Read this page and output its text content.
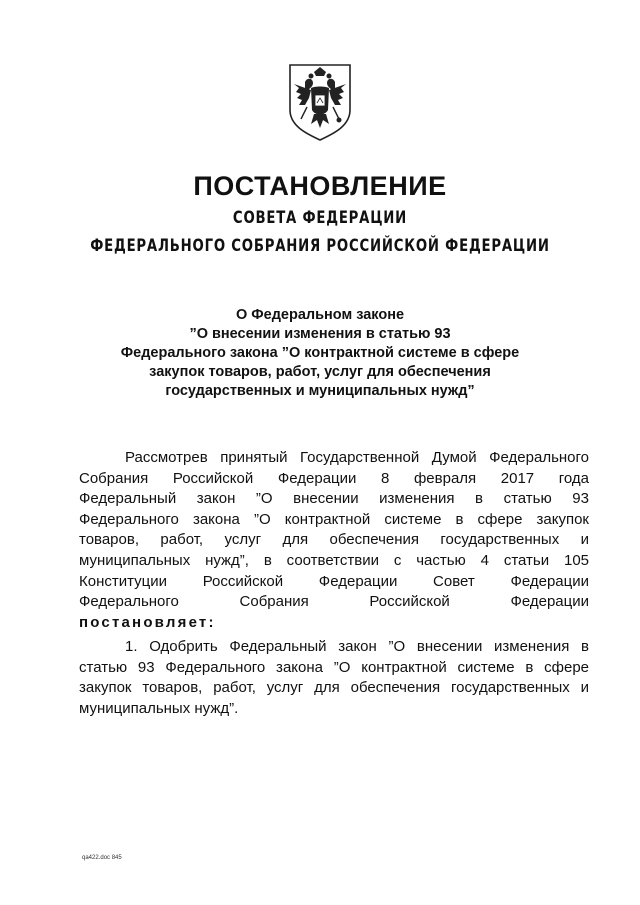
ПОСТАНОВЛЕНИЕ
СОВЕТА ФЕДЕРАЦИИ
ФЕДЕРАЛЬНОГО СОБРАНИЯ РОССИЙСКОЙ ФЕДЕРАЦИИ
О Федеральном законе
”О внесении изменения в статью 93
Федерального закона ”О контрактной системе в сфере
закупок товаров, работ, услуг для обеспечения
государственных и муниципальных нужд”
Рассмотрев принятый Государственной Думой Федерального
Собрания Российской Федерации 8 февраля 2017 года
Федеральный закон ”О внесении изменения в статью 93
Федерального закона ”О контрактной системе в сфере закупок
товаров, работ, услуг для обеспечения государственных и
муниципальных нужд”, в соответствии с частью 4 статьи 105
Конституции Российской Федерации Совет Федерации
Федерального Собрания Российской Федерации
постановляет:
1. Одобрить Федеральный закон ”О внесении изменения в
статью 93 Федерального закона ”О контрактной системе в сфере
закупок товаров, работ, услуг для обеспечения государственных и
муниципальных нужд”.
qa422.doc 845
